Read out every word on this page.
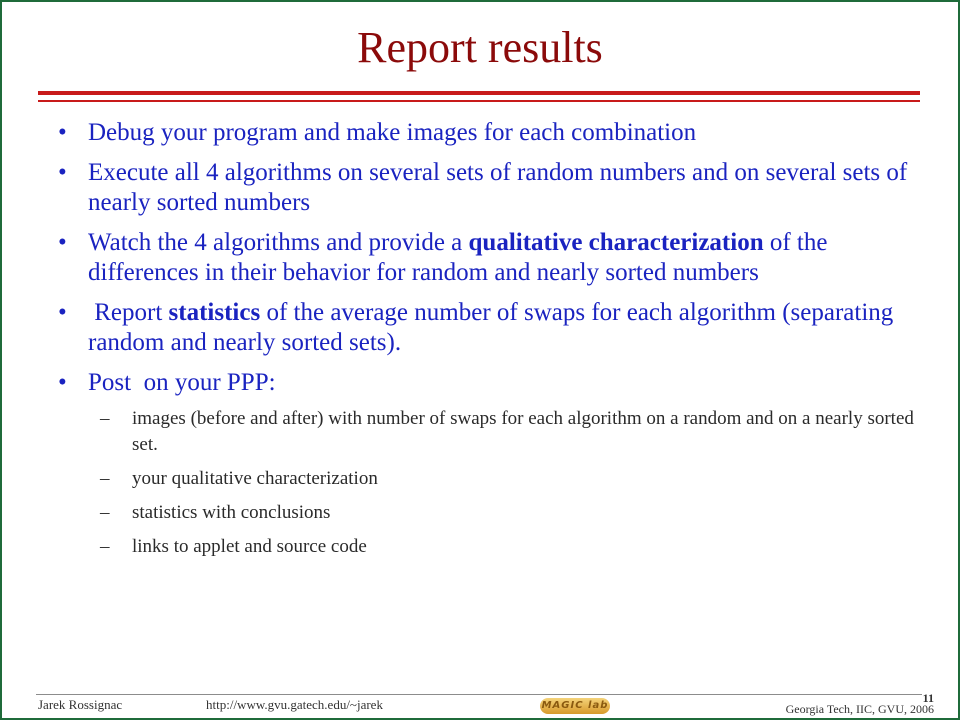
Report results
• Debug your program and make images for each combination
• Execute all 4 algorithms on several sets of random numbers and on several sets of nearly sorted numbers
• Watch the 4 algorithms and provide a qualitative characterization of the differences in their behavior for random and nearly sorted numbers
• Report statistics of the average number of swaps for each algorithm (separating random and nearly sorted sets).
• Post  on your PPP:
– images (before and after) with number of swaps for each algorithm on a random and on a nearly sorted set.
– your qualitative characterization
– statistics with conclusions
– links to applet and source code
Jarek Rossignac	http://www.gvu.gatech.edu/~jarek	MAGIC lab
11
Georgia Tech, IIC, GVU, 2006
